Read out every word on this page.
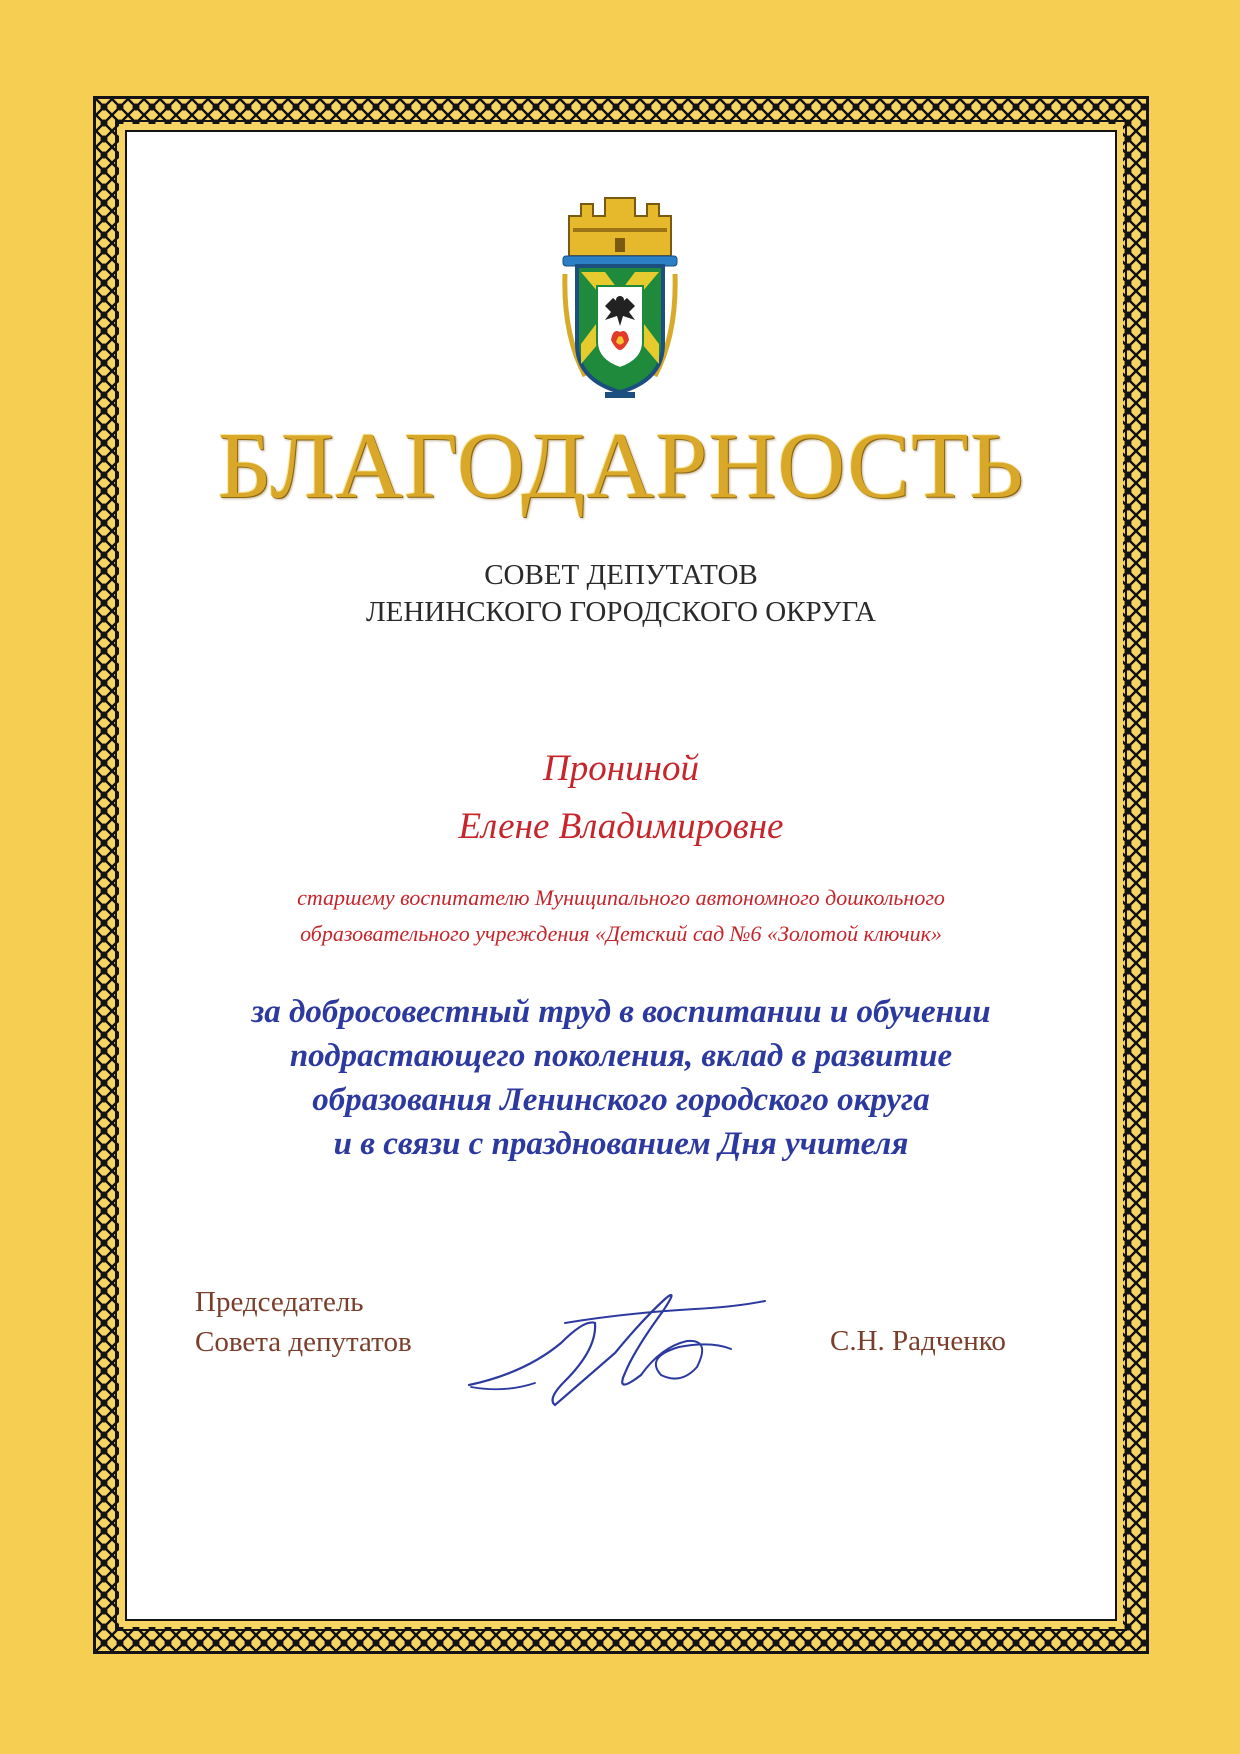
БЛАГОДАРНОСТЬ
СОВЕТ ДЕПУТАТОВ
ЛЕНИНСКОГО ГОРОДСКОГО ОКРУГА
Прониной
Елене Владимировне
старшему воспитателю Муниципального автономного дошкольного
образовательного учреждения «Детский сад №6 «Золотой ключик»
за добросовестный труд в воспитании и обучении
подрастающего поколения, вклад в развитие
образования Ленинского городского округа
и в связи с празднованием Дня учителя
Председатель
Совета депутатов	С.Н. Радченко
